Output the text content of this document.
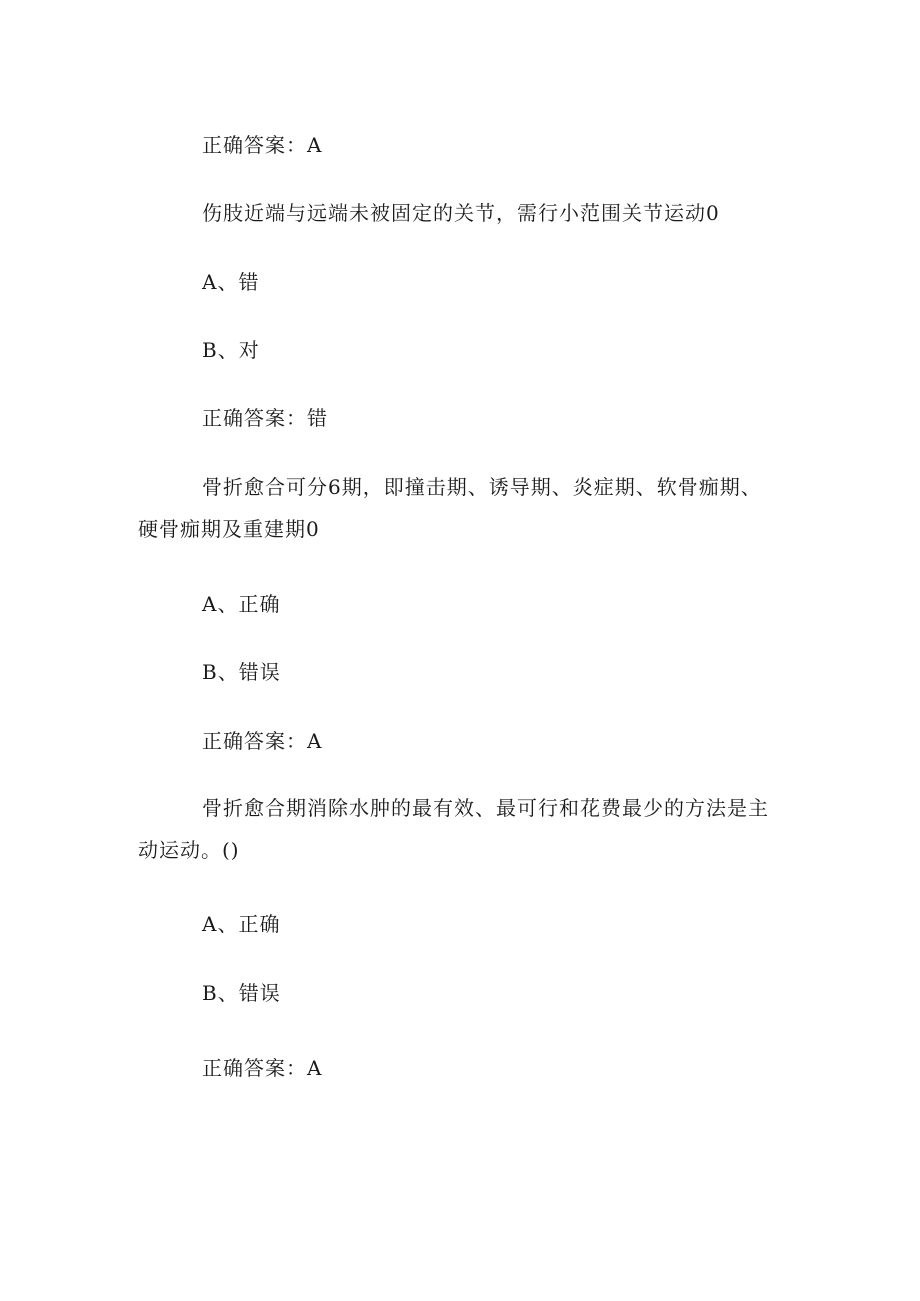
正确答案：A
伤肢近端与远端未被固定的关节，需行小范围关节运动0
A、错
B、对
正确答案：错
骨折愈合可分6期，即撞击期、诱导期、炎症期、软骨痂期、硬骨痂期及重建期0
A、正确
B、错误
正确答案：A
骨折愈合期消除水肿的最有效、最可行和花费最少的方法是主动运动。()
A、正确
B、错误
正确答案：A
